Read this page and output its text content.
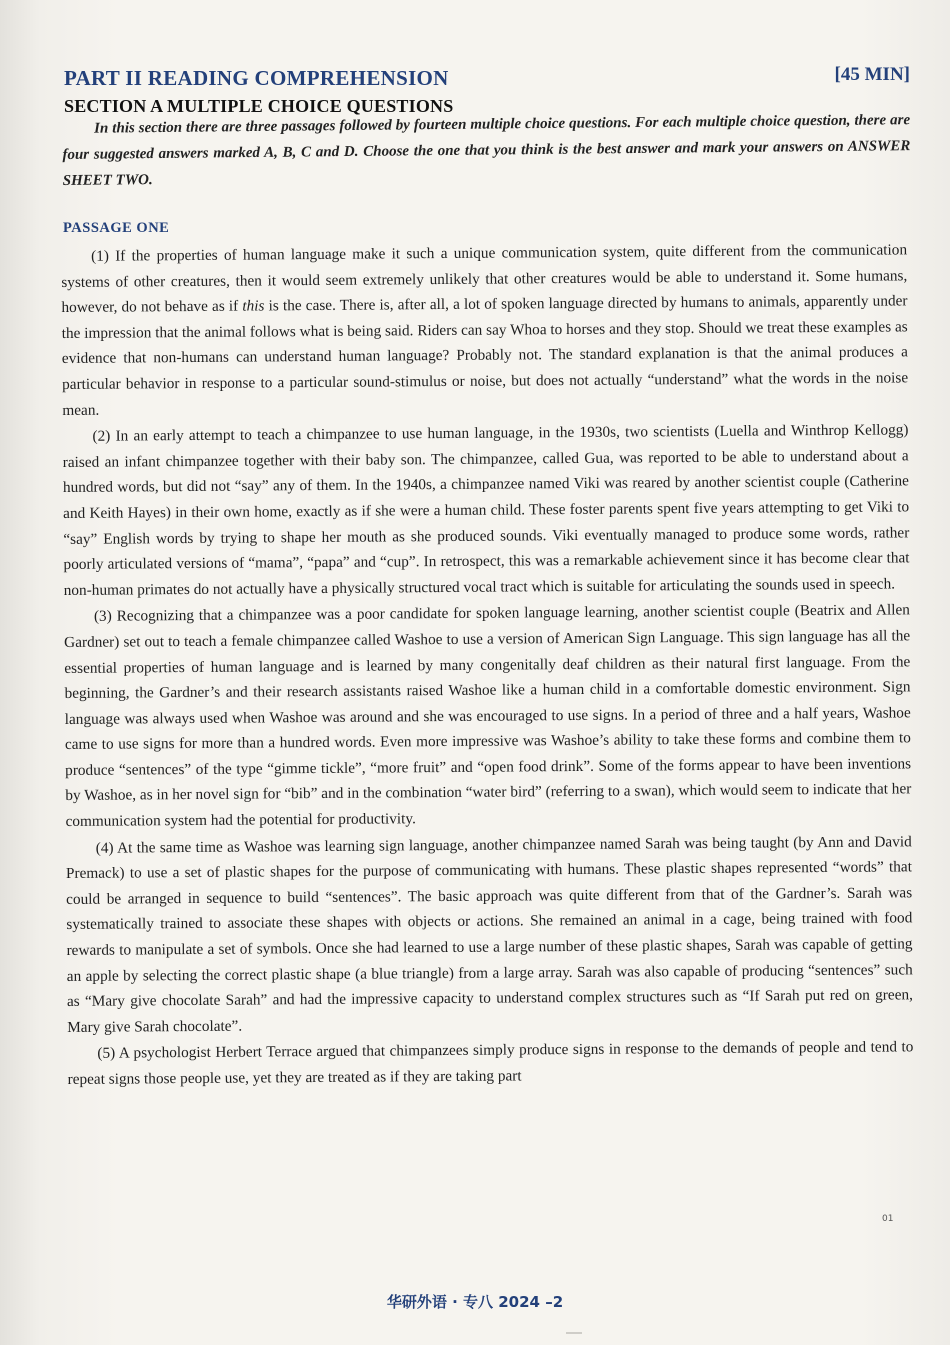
PART II READING COMPREHENSION	[45 MIN]
SECTION A MULTIPLE CHOICE QUESTIONS
In this section there are three passages followed by fourteen multiple choice questions. For each multiple choice question, there are four suggested answers marked A, B, C and D. Choose the one that you think is the best answer and mark your answers on ANSWER SHEET TWO.
PASSAGE ONE

(1) If the properties of human language make it such a unique communication system, quite different from the communication systems of other creatures, then it would seem extremely unlikely that other creatures would be able to understand it. Some humans, however, do not behave as if this is the case. There is, after all, a lot of spoken language directed by humans to animals, apparently under the impression that the animal follows what is being said. Riders can say Whoa to horses and they stop. Should we treat these examples as evidence that non-humans can understand human language? Probably not. The standard explanation is that the animal produces a particular behavior in response to a particular sound-stimulus or noise, but does not actually “understand” what the words in the noise mean.

(2) In an early attempt to teach a chimpanzee to use human language, in the 1930s, two scientists (Luella and Winthrop Kellogg) raised an infant chimpanzee together with their baby son. The chimpanzee, called Gua, was reported to be able to understand about a hundred words, but did not “say” any of them. In the 1940s, a chimpanzee named Viki was reared by another scientist couple (Catherine and Keith Hayes) in their own home, exactly as if she were a human child. These foster parents spent five years attempting to get Viki to “say” English words by trying to shape her mouth as she produced sounds. Viki eventually managed to produce some words, rather poorly articulated versions of “mama”, “papa” and “cup”. In retrospect, this was a remarkable achievement since it has become clear that non-human primates do not actually have a physically structured vocal tract which is suitable for articulating the sounds used in speech.

(3) Recognizing that a chimpanzee was a poor candidate for spoken language learning, another scientist couple (Beatrix and Allen Gardner) set out to teach a female chimpanzee called Washoe to use a version of American Sign Language. This sign language has all the essential properties of human language and is learned by many congenitally deaf children as their natural first language. From the beginning, the Gardner’s and their research assistants raised Washoe like a human child in a comfortable domestic environment. Sign language was always used when Washoe was around and she was encouraged to use signs. In a period of three and a half years, Washoe came to use signs for more than a hundred words. Even more impressive was Washoe’s ability to take these forms and combine them to produce “sentences” of the type “gimme tickle”, “more fruit” and “open food drink”. Some of the forms appear to have been inventions by Washoe, as in her novel sign for “bib” and in the combination “water bird” (referring to a swan), which would seem to indicate that her communication system had the potential for productivity.

(4) At the same time as Washoe was learning sign language, another chimpanzee named Sarah was being taught (by Ann and David Premack) to use a set of plastic shapes for the purpose of communicating with humans. These plastic shapes represented “words” that could be arranged in sequence to build “sentences”. The basic approach was quite different from that of the Gardner’s. Sarah was systematically trained to associate these shapes with objects or actions. She remained an animal in a cage, being trained with food rewards to manipulate a set of symbols. Once she had learned to use a large number of these plastic shapes, Sarah was capable of getting an apple by selecting the correct plastic shape (a blue triangle) from a large array. Sarah was also capable of producing “sentences” such as “Mary give chocolate Sarah” and had the impressive capacity to understand complex structures such as “If Sarah put red on green, Mary give Sarah chocolate”.

(5) A psychologist Herbert Terrace argued that chimpanzees simply produce signs in response to the demands of people and tend to repeat signs those people use, yet they are treated as if they are taking part

01
华研外语 · 专八 2024 –2
